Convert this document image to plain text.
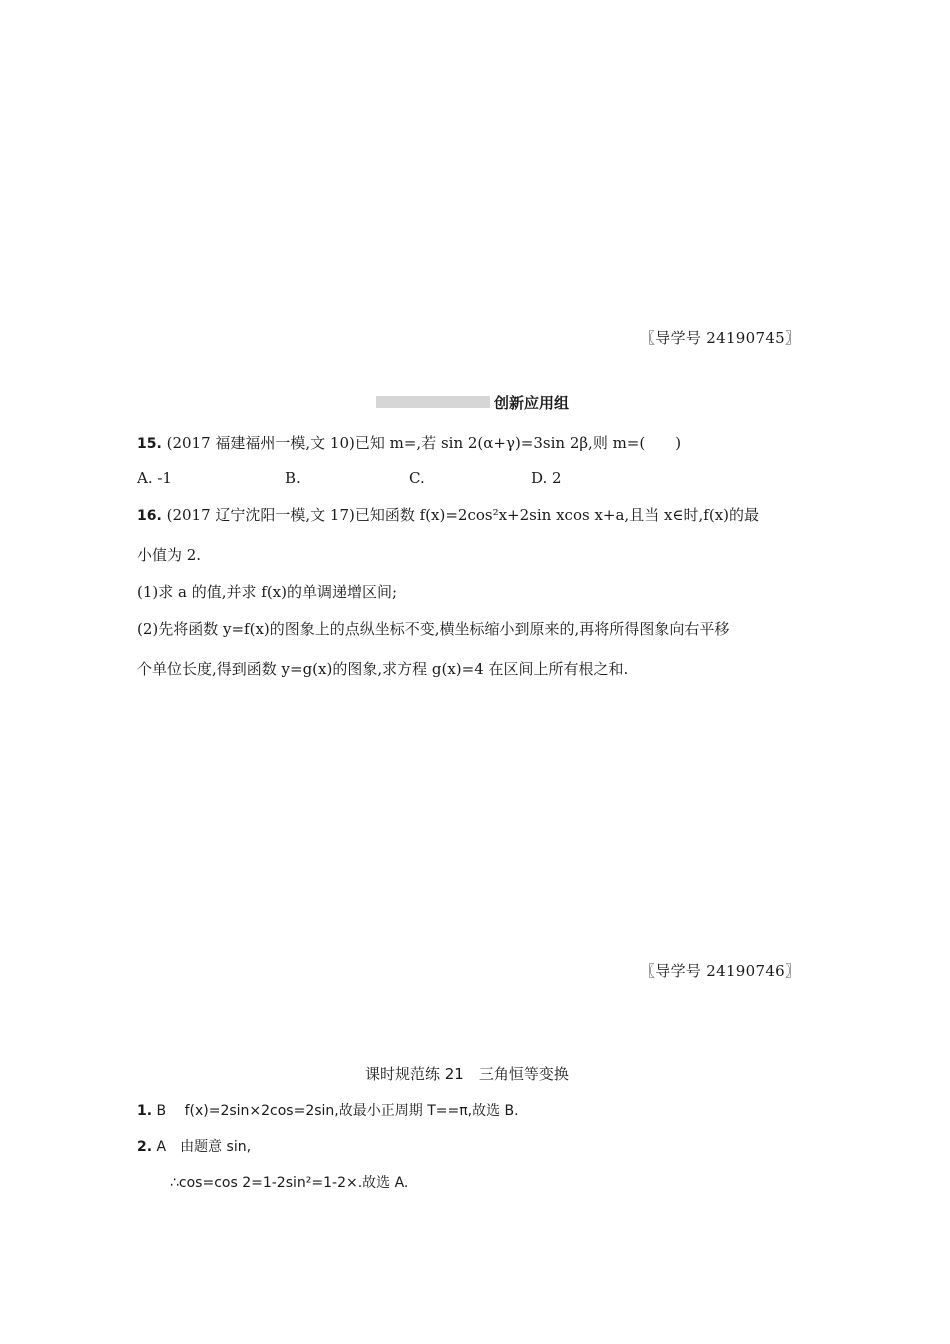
〖导学号 24190745〗
创新应用组
15. (2017 福建福州一模,文 10)已知 m=,若 sin 2(α+γ)=3sin 2β,则 m=(　　)
A. -1	B.	C.	D. 2
16. (2017 辽宁沈阳一模,文 17)已知函数 f(x)=2cos²x+2sin xcos x+a,且当 x∈时,f(x)的最
小值为 2.
(1)求 a 的值,并求 f(x)的单调递增区间;
(2)先将函数 y=f(x)的图象上的点纵坐标不变,横坐标缩小到原来的,再将所得图象向右平移
个单位长度,得到函数 y=g(x)的图象,求方程 g(x)=4 在区间上所有根之和.
〖导学号 24190746〗
课时规范练 21　三角恒等变换
1. B　 f(x)=2sin×2cos=2sin,故最小正周期 T==π,故选 B.
2. A　由题意 sin,
∴cos=cos 2=1-2sin²=1-2×.故选 A.
